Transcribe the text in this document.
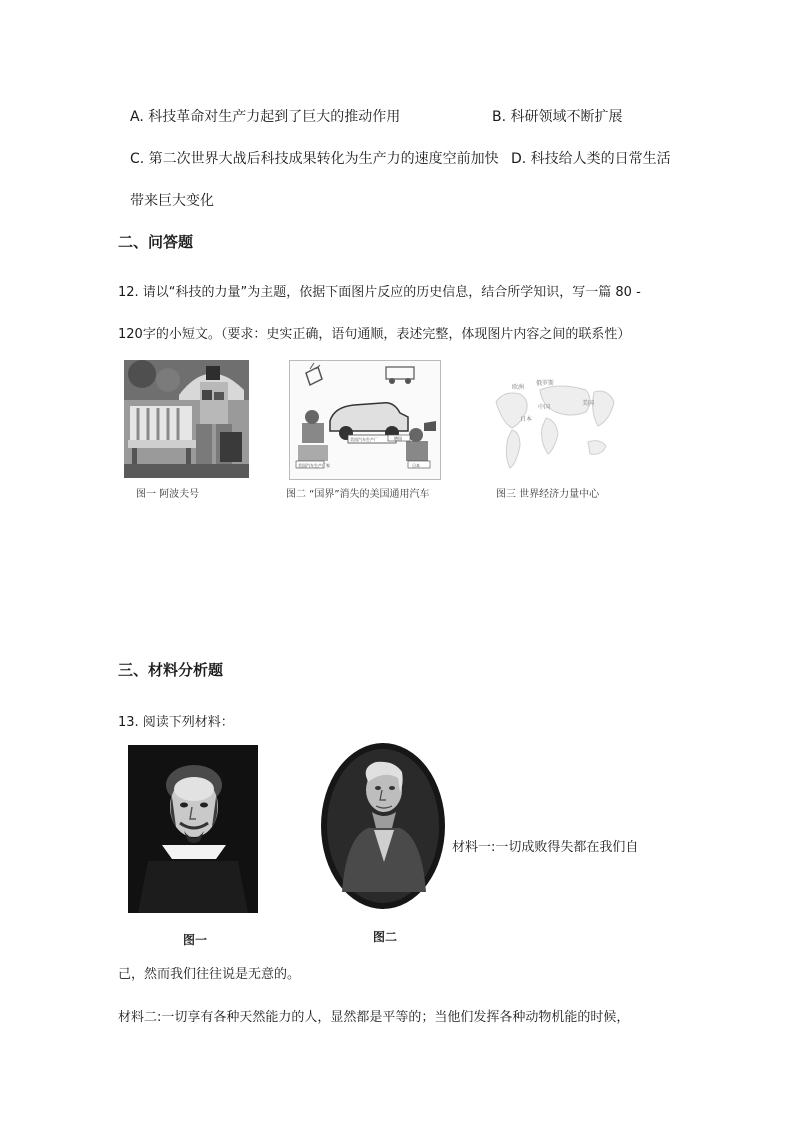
A. 科技革命对生产力起到了巨大的推动作用	B. 科研领域不断扩展
C. 第二次世界大战后科技成果转化为生产力的速度空前加快 D. 科技给人类的日常生活
带来巨大变化
二、问答题
12. 请以“科技的力量”为主题，依据下面图片反应的历史信息，结合所学知识，写一篇 80 -
120字的小短文。（要求：史实正确，语句通顺，表述完整，体现图片内容之间的联系性）
图一 阿波夫号
美国汽车生产厂	德国
美国汽车生产厂家	日本
图二 “国界”消失的美国通用汽车
欧洲
俄罗斯
中国
美国
日本
图三 世界经济力量中心
三、材料分析题
13. 阅读下列材料：
图一	图二
材料一:一切成败得失都在我们自
己，然而我们往往说是无意的。
材料二:一切享有各种天然能力的人，显然都是平等的；当他们发挥各种动物机能的时候，
